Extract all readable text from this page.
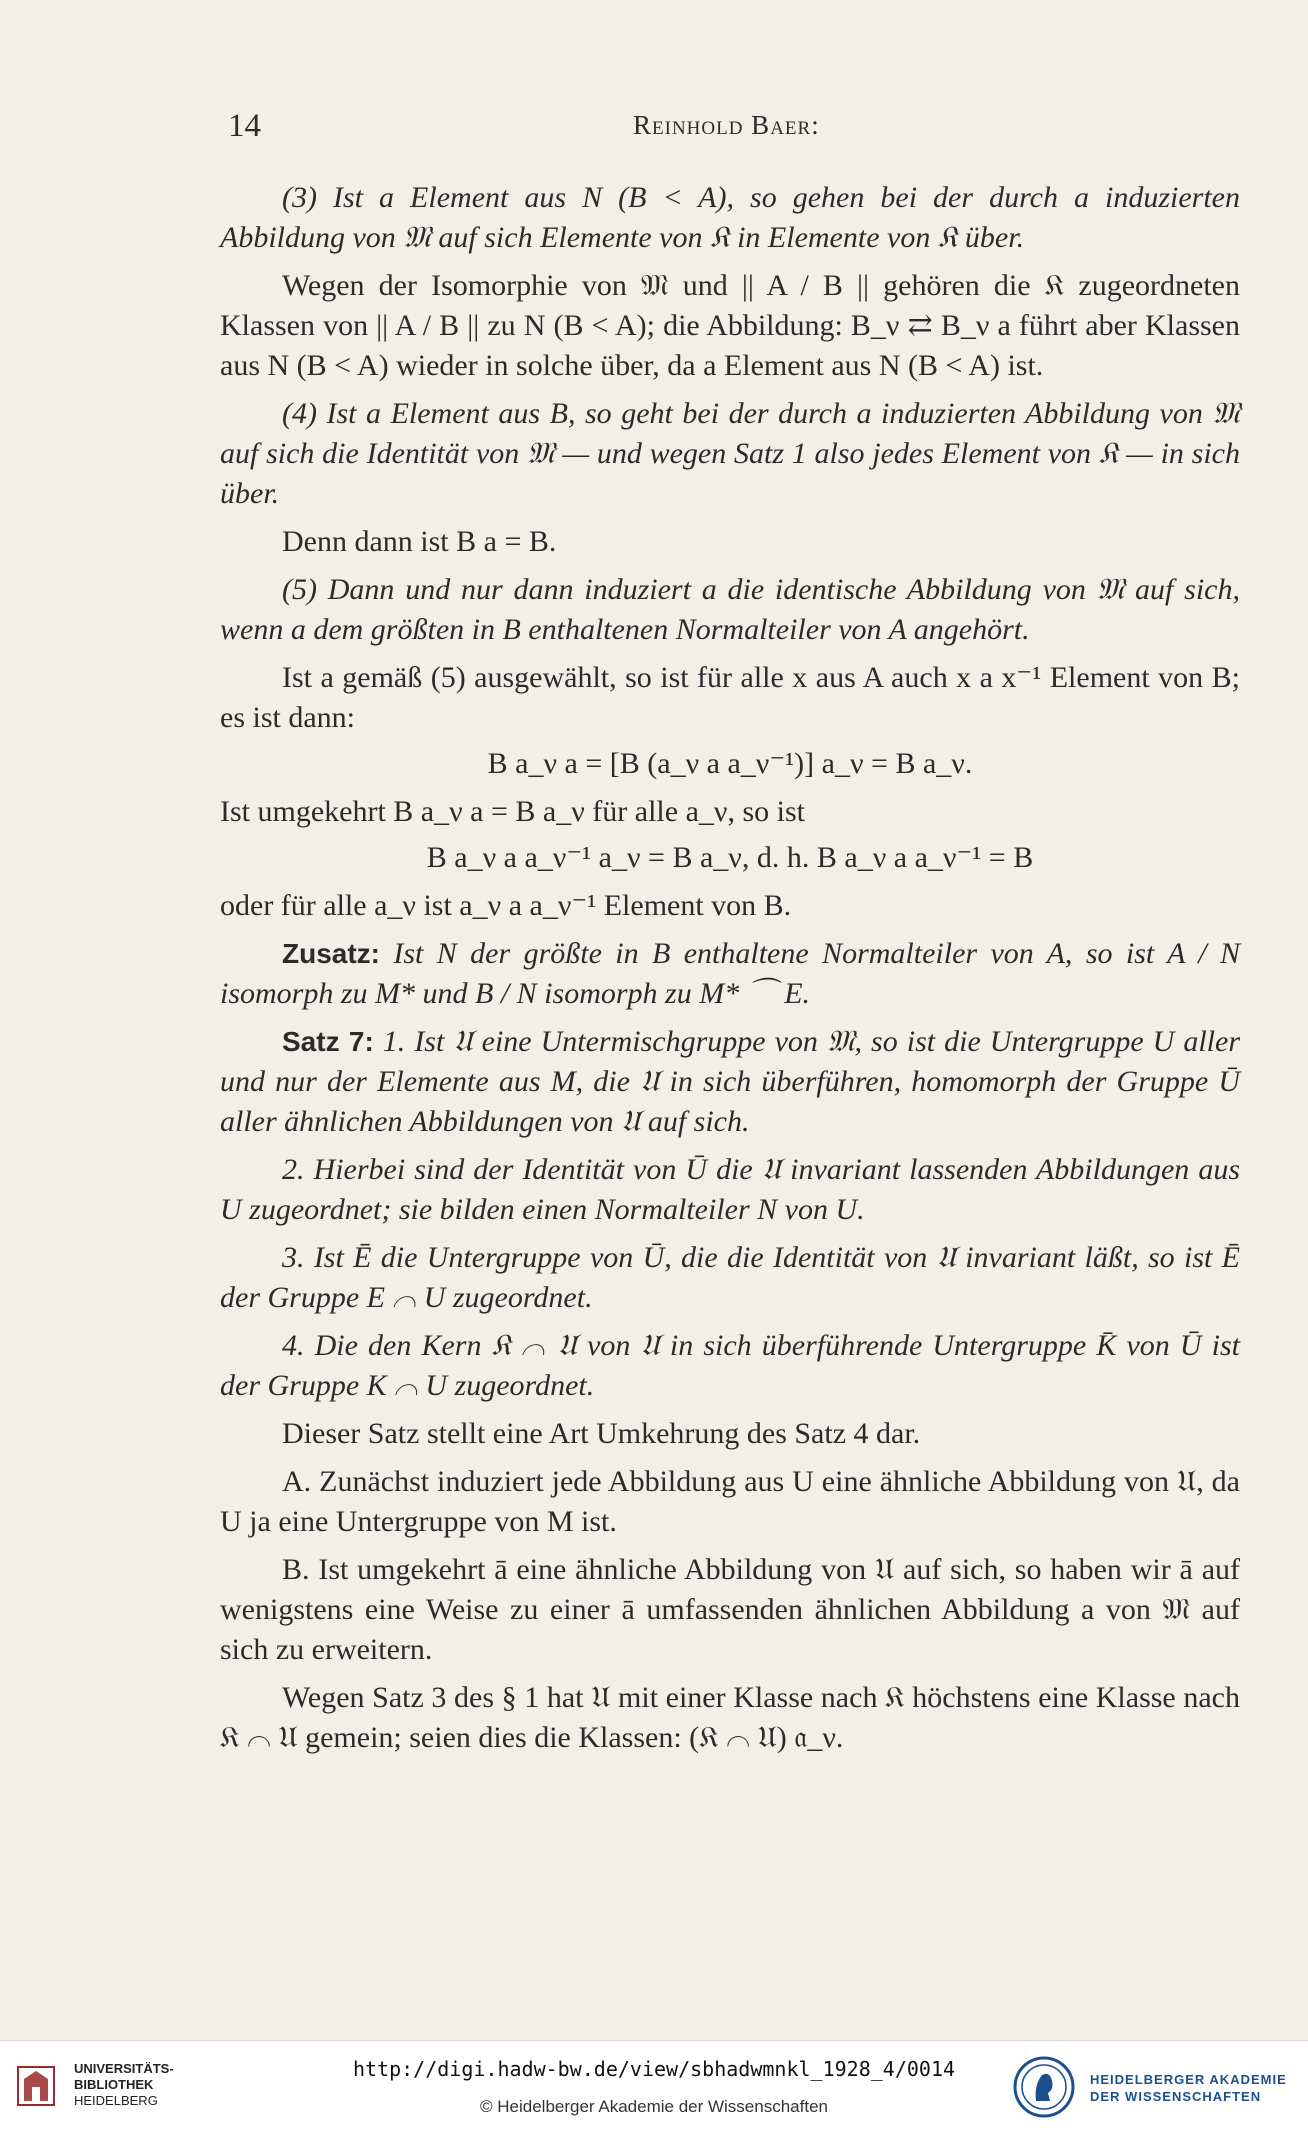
14	Reinhold Baer:

(3) Ist a Element aus N (B < A), so gehen bei der durch a induzierten Abbildung von 𝔐 auf sich Elemente von 𝔎 in Elemente von 𝔎 über.

Wegen der Isomorphie von 𝔐 und || A / B || gehören die 𝔎 zugeordneten Klassen von || A / B || zu N (B < A); die Abbildung: B_ν ⇄ B_ν a führt aber Klassen aus N (B < A) wieder in solche über, da a Element aus N (B < A) ist.

(4) Ist a Element aus B, so geht bei der durch a induzierten Abbildung von 𝔐 auf sich die Identität von 𝔐 — und wegen Satz 1 also jedes Element von 𝔎 — in sich über.

Denn dann ist B a = B.

(5) Dann und nur dann induziert a die identische Abbildung von 𝔐 auf sich, wenn a dem größten in B enthaltenen Normalteiler von A angehört.

Ist a gemäß (5) ausgewählt, so ist für alle x aus A auch x a x⁻¹ Element von B; es ist dann:

B a_ν a = [B (a_ν a a_ν⁻¹)] a_ν = B a_ν.

Ist umgekehrt B a_ν a = B a_ν für alle a_ν, so ist

B a_ν a a_ν⁻¹ a_ν = B a_ν, d. h. B a_ν a a_ν⁻¹ = B

oder für alle a_ν ist a_ν a a_ν⁻¹ Element von B.

Zusatz: Ist N der größte in B enthaltene Normalteiler von A, so ist A / N isomorph zu M* und B / N isomorph zu M* ⌒ E.

Satz 7: 1. Ist 𝔘 eine Untermischgruppe von 𝔐, so ist die Untergruppe U aller und nur der Elemente aus M, die 𝔘 in sich überführen, homomorph der Gruppe Ū aller ähnlichen Abbildungen von 𝔘 auf sich.

2. Hierbei sind der Identität von Ū die 𝔘 invariant lassenden Abbildungen aus U zugeordnet; sie bilden einen Normalteiler N von U.

3. Ist Ē die Untergruppe von Ū, die die Identität von 𝔘 invariant läßt, so ist Ē der Gruppe E ⌒ U zugeordnet.

4. Die den Kern 𝔎 ⌒ 𝔘 von 𝔘 in sich überführende Untergruppe K̄ von Ū ist der Gruppe K ⌒ U zugeordnet.

Dieser Satz stellt eine Art Umkehrung des Satz 4 dar.

A. Zunächst induziert jede Abbildung aus U eine ähnliche Abbildung von 𝔘, da U ja eine Untergruppe von M ist.

B. Ist umgekehrt ā eine ähnliche Abbildung von 𝔘 auf sich, so haben wir ā auf wenigstens eine Weise zu einer ā umfassenden ähnlichen Abbildung a von 𝔐 auf sich zu erweitern.

Wegen Satz 3 des § 1 hat 𝔘 mit einer Klasse nach 𝔎 höchstens eine Klasse nach 𝔎 ⌒ 𝔘 gemein; seien dies die Klassen: (𝔎 ⌒ 𝔘) 𝔞_ν.

UNIVERSITÄTS-
BIBLIOTHEK
HEIDELBERG
http://digi.hadw-bw.de/view/sbhadwmnkl_1928_4/0014
© Heidelberger Akademie der Wissenschaften
HEIDELBERGER AKADEMIE
DER WISSENSCHAFTEN
